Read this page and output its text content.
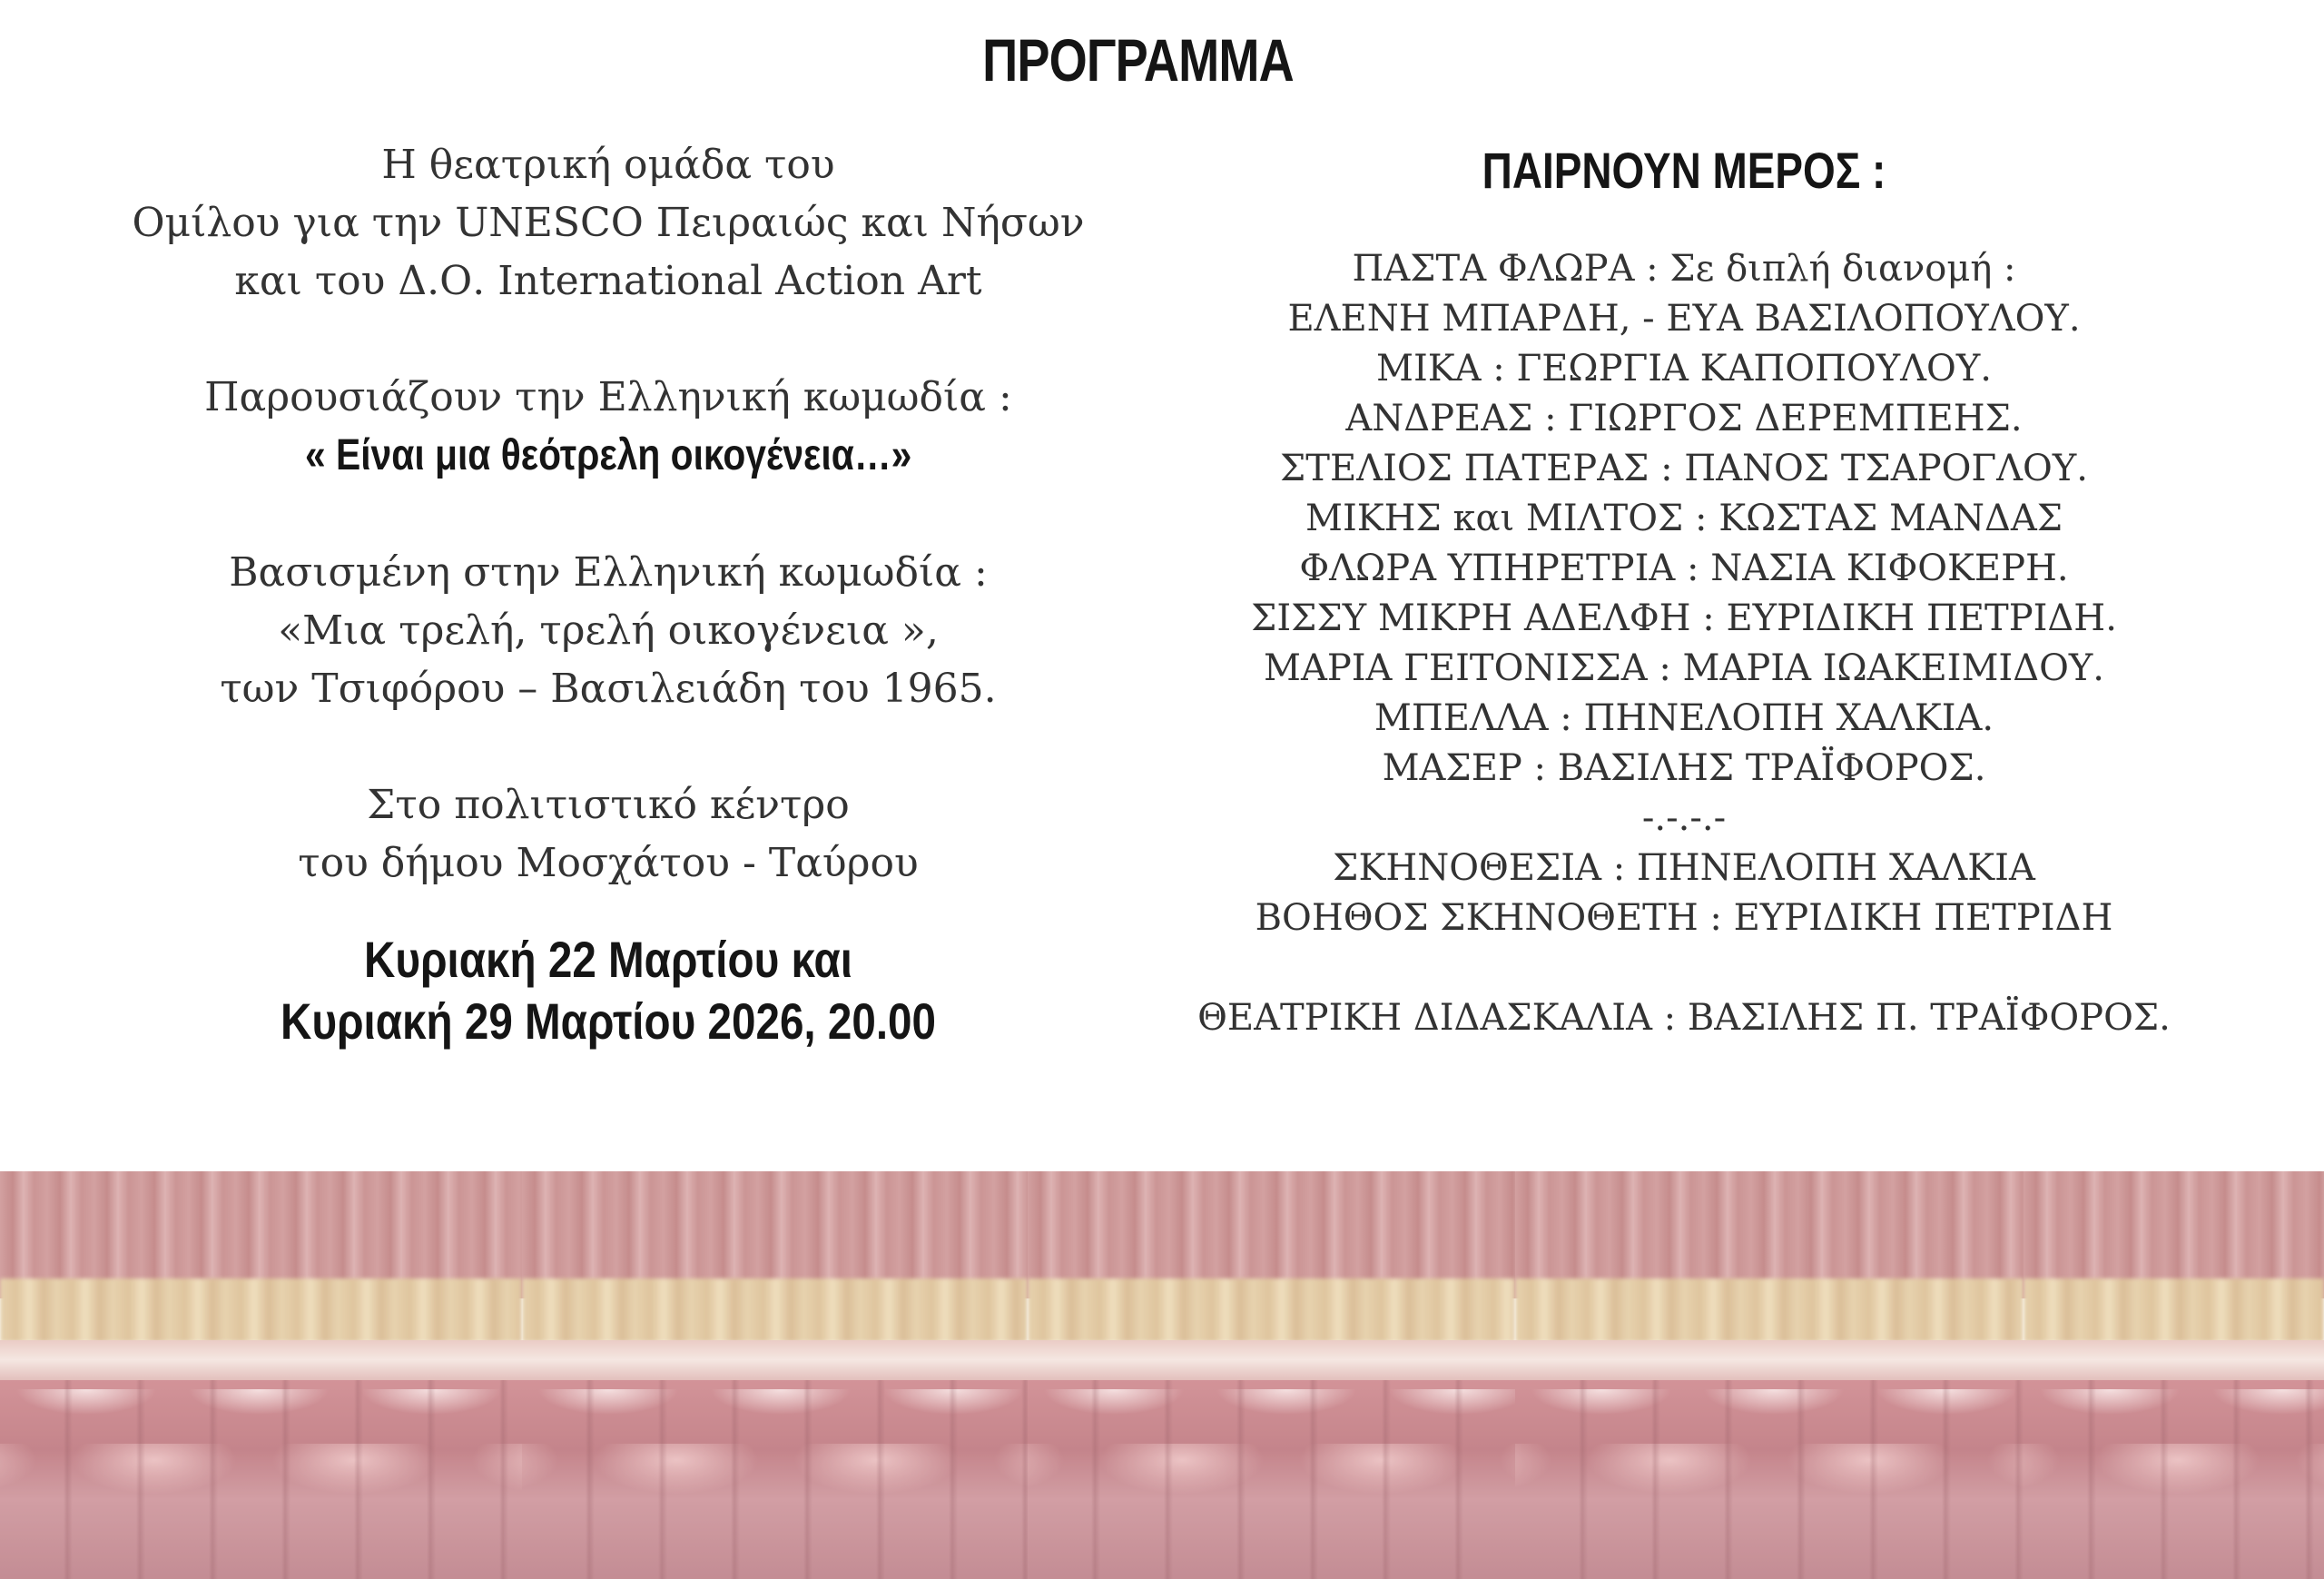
ΠΡΟΓΡΑΜΜΑ
Η θεατρική ομάδα του
Ομίλου για την UNESCO Πειραιώς και Νήσων
και του Δ.Ο. International Action Art
Παρουσιάζουν την Ελληνική κωμωδία :
« Είναι μια θεότρελη οικογένεια…»
Βασισμένη στην Ελληνική κωμωδία :
«Μια τρελή, τρελή οικογένεια »,
των Τσιφόρου – Βασιλειάδη του 1965.
Στο πολιτιστικό κέντρο
του δήμου Μοσχάτου - Ταύρου
Κυριακή 22 Μαρτίου και
Κυριακή 29 Μαρτίου 2026, 20.00
ΠΑΙΡΝΟΥΝ ΜΕΡΟΣ :
ΠΑΣΤΑ ΦΛΩΡΑ : Σε διπλή διανομή :
ΕΛΕΝΗ ΜΠΑΡΔΗ, - ΕΥΑ ΒΑΣΙΛΟΠΟΥΛΟΥ.
ΜΙΚΑ : ΓΕΩΡΓΙΑ ΚΑΠΟΠΟΥΛΟΥ.
ΑΝΔΡΕΑΣ : ΓΙΩΡΓΟΣ ΔΕΡΕΜΠΕΗΣ.
ΣΤΕΛΙΟΣ ΠΑΤΕΡΑΣ : ΠΑΝΟΣ ΤΣΑΡΟΓΛΟΥ.
ΜΙΚΗΣ και ΜΙΛΤΟΣ : ΚΩΣΤΑΣ ΜΑΝΔΑΣ
ΦΛΩΡΑ ΥΠΗΡΕΤΡΙΑ : ΝΑΣΙΑ ΚΙΦΟΚΕΡΗ.
ΣΙΣΣΥ ΜΙΚΡΗ ΑΔΕΛΦΗ : ΕΥΡΙΔΙΚΗ ΠΕΤΡΙΔΗ.
ΜΑΡΙΑ ΓΕΙΤΟΝΙΣΣΑ : ΜΑΡΙΑ ΙΩΑΚΕΙΜΙΔΟΥ.
ΜΠΕΛΛΑ : ΠΗΝΕΛΟΠΗ ΧΑΛΚΙΑ.
ΜΑΣΕΡ : ΒΑΣΙΛΗΣ ΤΡΑΪΦΟΡΟΣ.
-.-.-.-
ΣΚΗΝΟΘΕΣΙΑ : ΠΗΝΕΛΟΠΗ ΧΑΛΚΙΑ
ΒΟΗΘΟΣ ΣΚΗΝΟΘΕΤΗ : ΕΥΡΙΔΙΚΗ ΠΕΤΡΙΔΗ
ΘΕΑΤΡΙΚΗ ΔΙΔΑΣΚΑΛΙΑ : ΒΑΣΙΛΗΣ Π. ΤΡΑΪΦΟΡΟΣ.
